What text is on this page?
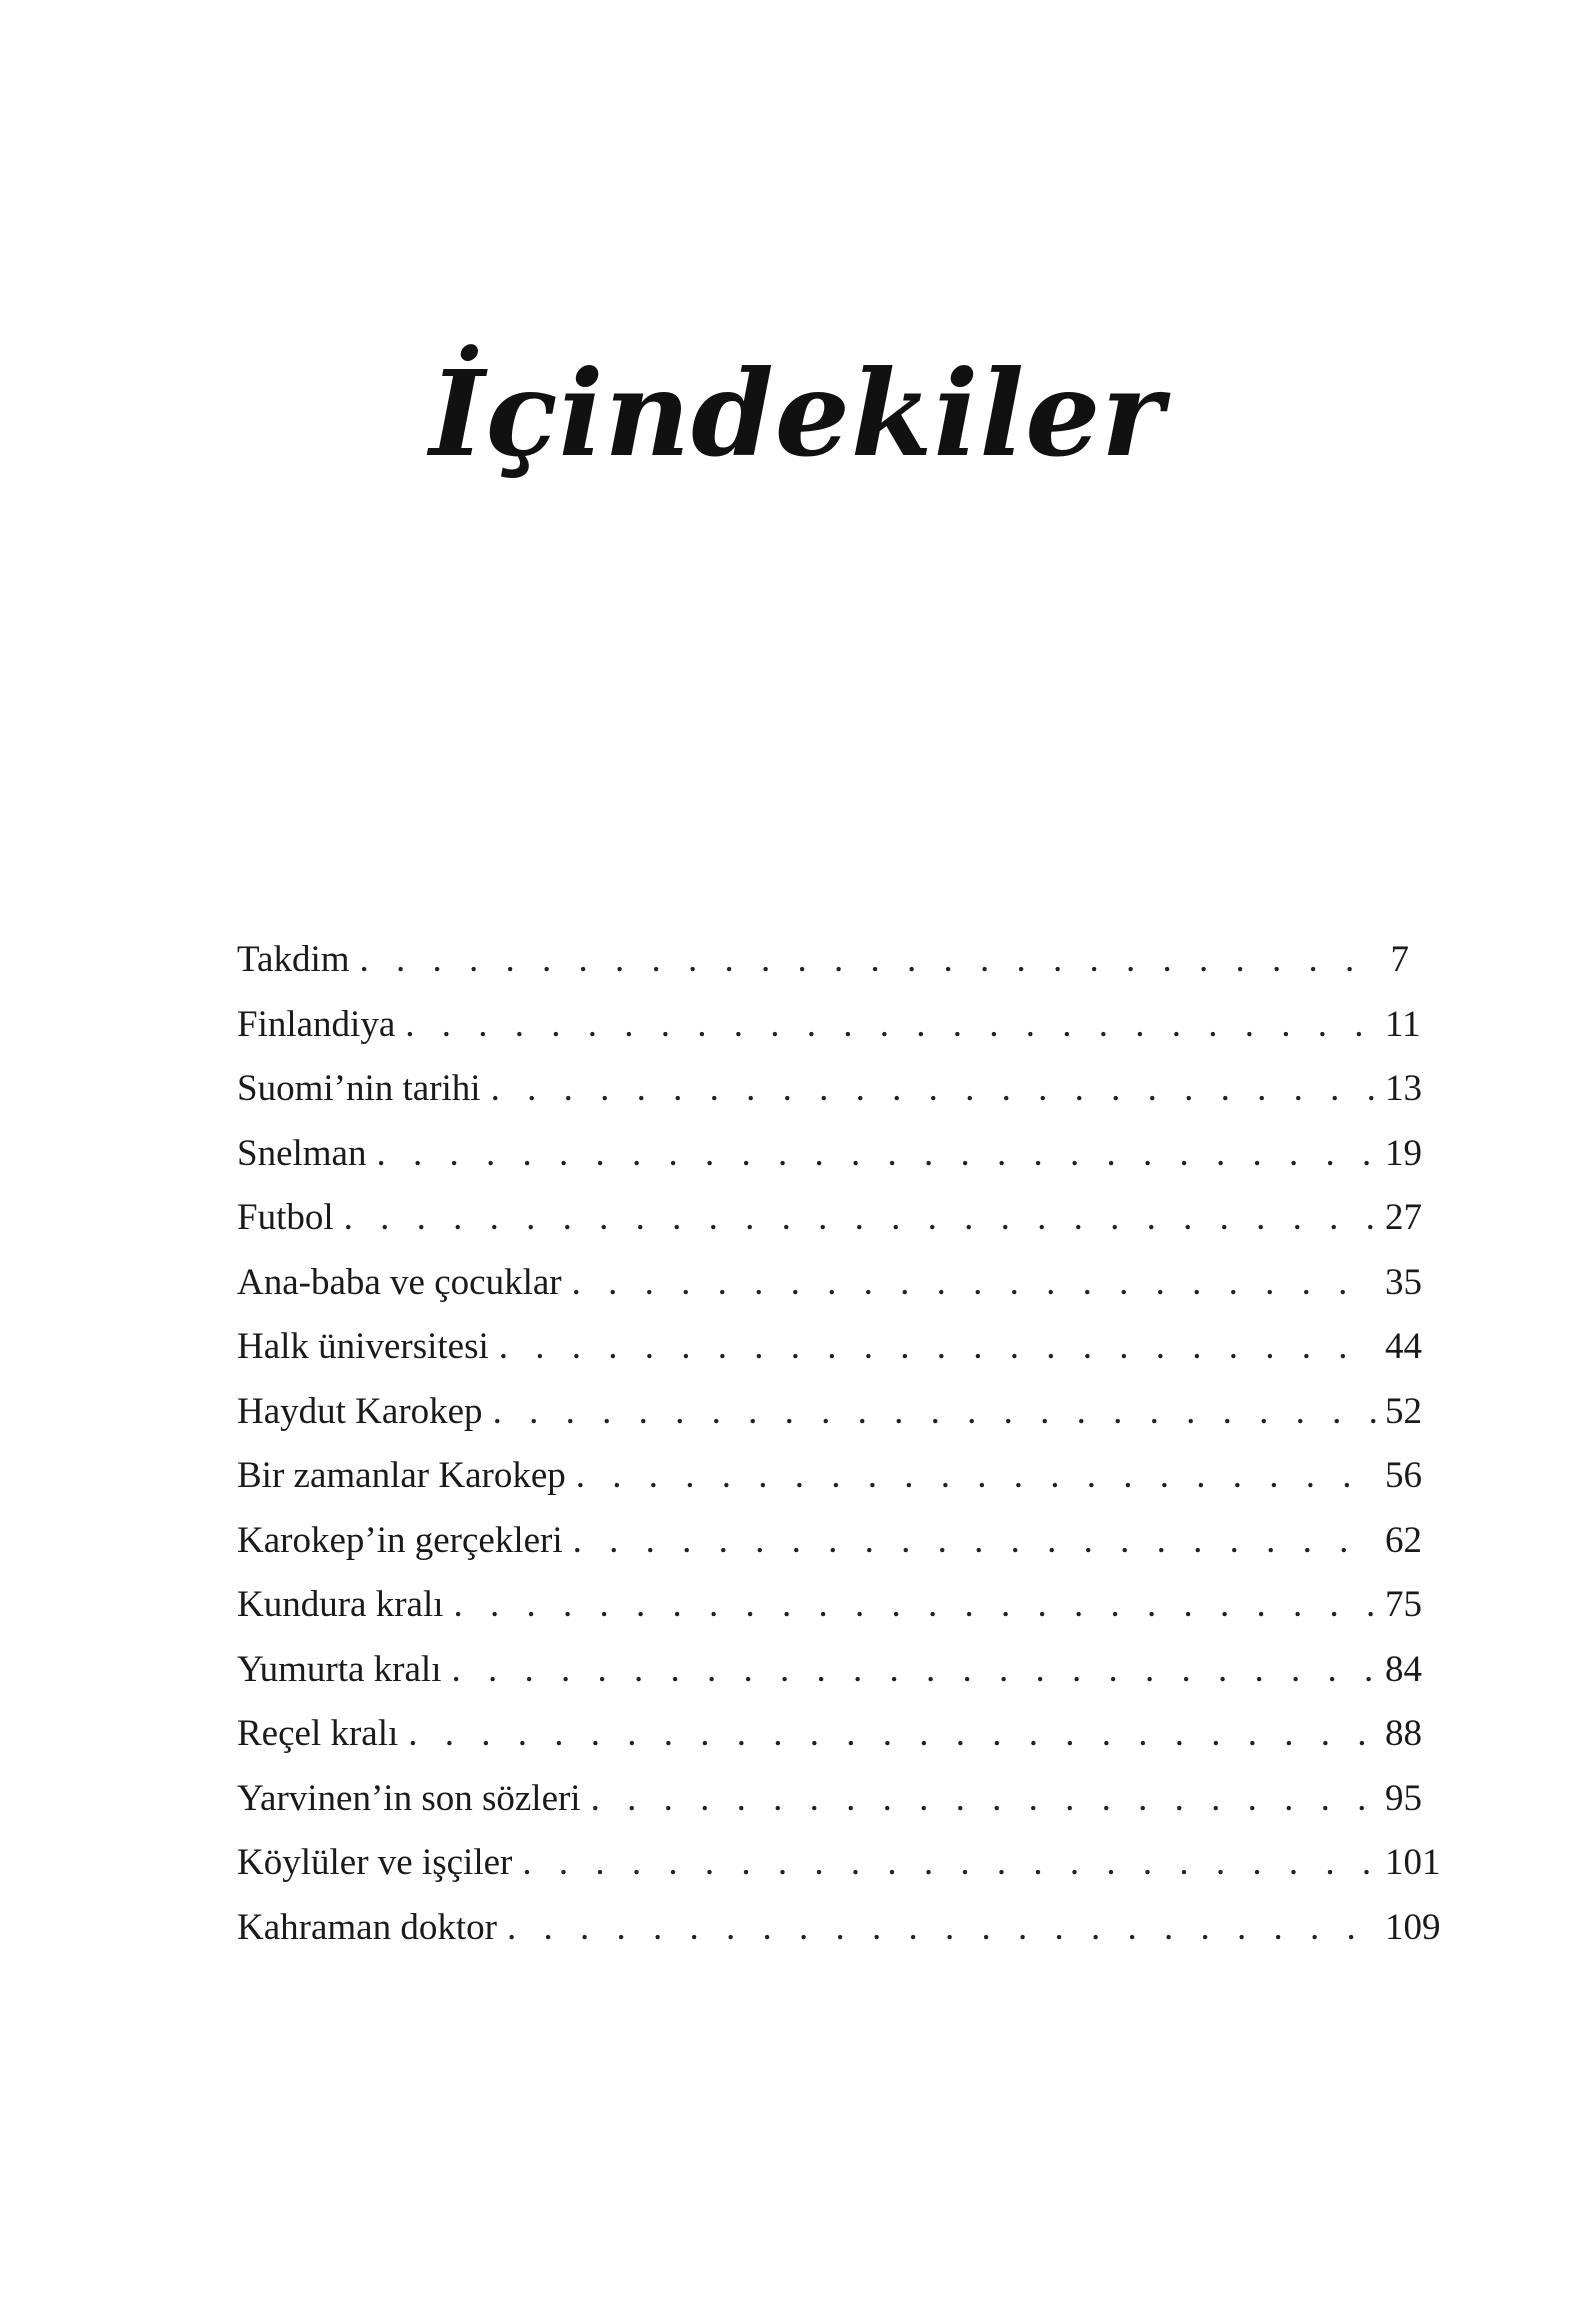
İçindekiler
Takdim . . .	7
Finlandiya . . .	11
Suomi’nin tarihi . . .	13
Snelman . . .	19
Futbol . . .	27
Ana-baba ve çocuklar . . .	35
Halk üniversitesi . . .	44
Haydut Karokep . . .	52
Bir zamanlar Karokep . . .	56
Karokep’in gerçekleri . . .	62
Kundura kralı . . .	75
Yumurta kralı . . .	84
Reçel kralı . . .	88
Yarvinen’in son sözleri . . .	95
Köylüler ve işçiler . . .	101
Kahraman doktor . . .	109
